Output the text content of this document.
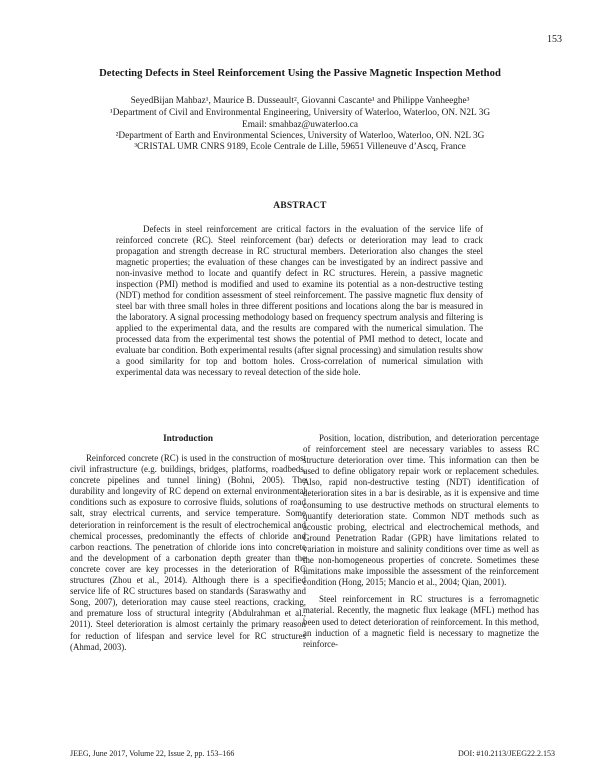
153
Detecting Defects in Steel Reinforcement Using the Passive Magnetic Inspection Method
SeyedBijan Mahbaz¹, Maurice B. Dusseault², Giovanni Cascante¹ and Philippe Vanheeghe³
¹Department of Civil and Environmental Engineering, University of Waterloo, Waterloo, ON. N2L 3G
Email: smahbaz@uwaterloo.ca
²Department of Earth and Environmental Sciences, University of Waterloo, Waterloo, ON. N2L 3G
³CRISTAL UMR CNRS 9189, Ecole Centrale de Lille, 59651 Villeneuve d’Ascq, France
ABSTRACT
Defects in steel reinforcement are critical factors in the evaluation of the service life of reinforced concrete (RC). Steel reinforcement (bar) defects or deterioration may lead to crack propagation and strength decrease in RC structural members. Deterioration also changes the steel magnetic properties; the evaluation of these changes can be investigated by an indirect passive and non-invasive method to locate and quantify defect in RC structures. Herein, a passive magnetic inspection (PMI) method is modified and used to examine its potential as a non-destructive testing (NDT) method for condition assessment of steel reinforcement. The passive magnetic flux density of steel bar with three small holes in three different positions and locations along the bar is measured in the laboratory. A signal processing methodology based on frequency spectrum analysis and filtering is applied to the experimental data, and the results are compared with the numerical simulation. The processed data from the experimental test shows the potential of PMI method to detect, locate and evaluate bar condition. Both experimental results (after signal processing) and simulation results show a good similarity for top and bottom holes. Cross-correlation of numerical simulation with experimental data was necessary to reveal detection of the side hole.
Introduction

Reinforced concrete (RC) is used in the construction of most civil infrastructure (e.g. buildings, bridges, platforms, roadbeds, concrete pipelines and tunnel lining) (Bohni, 2005). The durability and longevity of RC depend on external environmental conditions such as exposure to corrosive fluids, solutions of road salt, stray electrical currents, and service temperature. Some deterioration in reinforcement is the result of electrochemical and chemical processes, predominantly the effects of chloride and carbon reactions. The penetration of chloride ions into concrete and the development of a carbonation depth greater than the concrete cover are key processes in the deterioration of RC structures (Zhou et al., 2014). Although there is a specified service life of RC structures based on standards (Saraswathy and Song, 2007), deterioration may cause steel reactions, cracking, and premature loss of structural integrity (Abdulrahman et al., 2011). Steel deterioration is almost certainly the primary reason for reduction of lifespan and service level for RC structures (Ahmad, 2003).

Position, location, distribution, and deterioration percentage of reinforcement steel are necessary variables to assess RC structure deterioration over time. This information can then be used to define obligatory repair work or replacement schedules. Also, rapid non-destructive testing (NDT) identification of deterioration sites in a bar is desirable, as it is expensive and time consuming to use destructive methods on structural elements to quantify deterioration state. Common NDT methods such as acoustic probing, electrical and electrochemical methods, and Ground Penetration Radar (GPR) have limitations related to variation in moisture and salinity conditions over time as well as the non-homogeneous properties of concrete. Sometimes these limitations make impossible the assessment of the reinforcement condition (Hong, 2015; Mancio et al., 2004; Qian, 2001).

Steel reinforcement in RC structures is a ferromagnetic material. Recently, the magnetic flux leakage (MFL) method has been used to detect deterioration of reinforcement. In this method, an induction of a magnetic field is necessary to magnetize the reinforce-

JEEG, June 2017, Volume 22, Issue 2, pp. 153–166	DOI: #10.2113/JEEG22.2.153
